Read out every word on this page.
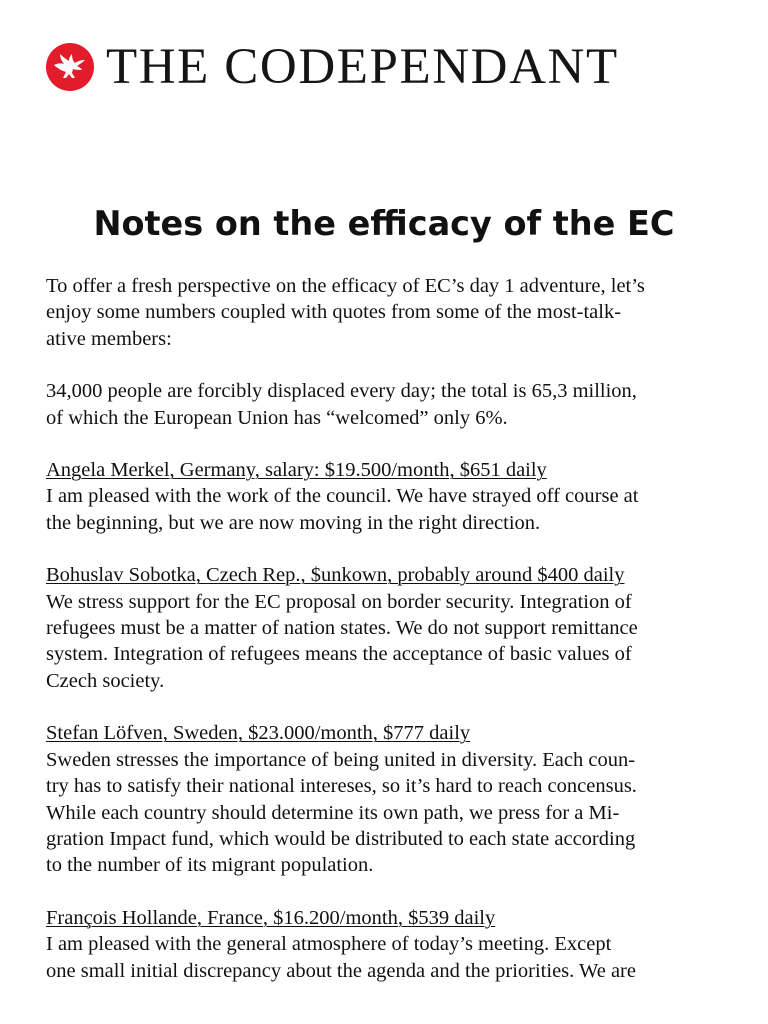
THE CODEPENDANT
Notes on the efficacy of the EC

To offer a fresh perspective on the efficacy of EC’s day 1 adventure, let’s
enjoy some numbers coupled with quotes from some of the most-talk-
ative members:

34,000 people are forcibly displaced every day; the total is 65,3 million,
of which the European Union has “welcomed” only 6%.

Angela Merkel, Germany, salary: $19.500/month, $651 daily
I am pleased with the work of the council. We have strayed off course at
the beginning, but we are now moving in the right direction.
Bohuslav Sobotka, Czech Rep., $unkown, probably around $400 daily
We stress support for the EC proposal on border security. Integration of
refugees must be a matter of nation states. We do not support remittance
system. Integration of refugees means the acceptance of basic values of
Czech society.
Stefan Löfven, Sweden, $23.000/month, $777 daily
Sweden stresses the importance of being united in diversity. Each coun-
try has to satisfy their national intereses, so it’s hard to reach concensus.
While each country should determine its own path, we press for a Mi-
gration Impact fund, which would be distributed to each state according
to the number of its migrant population.
François Hollande, France, $16.200/month, $539 daily
I am pleased with the general atmosphere of today’s meeting. Except
one small initial discrepancy about the agenda and the priorities. We are
